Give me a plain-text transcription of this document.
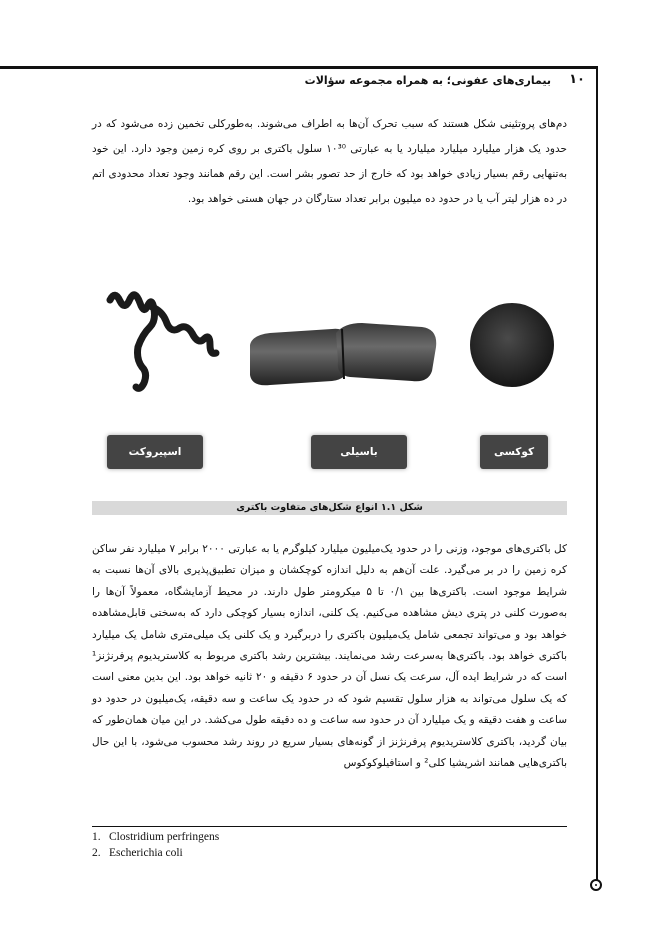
۱۰
بیماری‌های عفونی؛ به همراه مجموعه سؤالات

دم‌های پروتئینی شکل هستند که سبب تحرک آن‌ها به اطراف می‌شوند. به‌طورکلی تخمین زده می‌شود که در حدود یک هزار میلیارد میلیارد میلیارد یا به عبارتی ۱۰³⁰ سلول باکتری بر روی کره زمین وجود دارد. این خود به‌تنهایی رقم بسیار زیادی خواهد بود که خارج از حد تصور بشر است. این رقم همانند وجود تعداد محدودی اتم در ده هزار لیتر آب یا در حدود ده میلیون برابر تعداد ستارگان در جهان هستی خواهد بود.

اسپیروکت	باسیلی	کوکسی
شکل ۱.۱ انواع شکل‌های متفاوت باکتری

کل باکتری‌های موجود، وزنی را در حدود یک‌میلیون میلیارد کیلوگرم یا به عبارتی ۲۰۰۰ برابر ۷ میلیارد نفر ساکن کره زمین را در بر می‌گیرد. علت آن‌هم به دلیل اندازه کوچکشان و میزان تطبیق‌پذیری بالای آن‌ها نسبت به شرایط موجود است. باکتری‌ها بین ۰/۱ تا ۵ میکرومتر طول دارند. در محیط آزمایشگاه، معمولاً آن‌ها را به‌صورت کلنی در پتری دیش مشاهده می‌کنیم. یک کلنی، اندازه بسیار کوچکی دارد که به‌سختی قابل‌مشاهده خواهد بود و می‌تواند تجمعی شامل یک‌میلیون باکتری را دربرگیرد و یک کلنی یک میلی‌متری شامل یک میلیارد باکتری خواهد بود. باکتری‌ها به‌سرعت رشد می‌نمایند. بیشترین رشد باکتری مربوط به کلاستریدیوم پرفرنژنز¹ است که در شرایط ایده آل، سرعت یک نسل آن در حدود ۶ دقیقه و ۲۰ ثانیه خواهد بود. این بدین معنی است که یک سلول می‌تواند به هزار سلول تقسیم شود که در حدود یک ساعت و سه دقیقه، یک‌میلیون در حدود دو ساعت و هفت دقیقه و یک میلیارد آن در حدود سه ساعت و ده دقیقه طول می‌کشد. در این میان همان‌طور که بیان گردید، باکتری کلاستریدیوم پرفرنژنز از گونه‌های بسیار سریع در روند رشد محسوب می‌شود، با این حال باکتری‌هایی همانند اشریشیا کلی² و استافیلوکوکوس

1. Clostridium perfringens

2. Escherichia coli
